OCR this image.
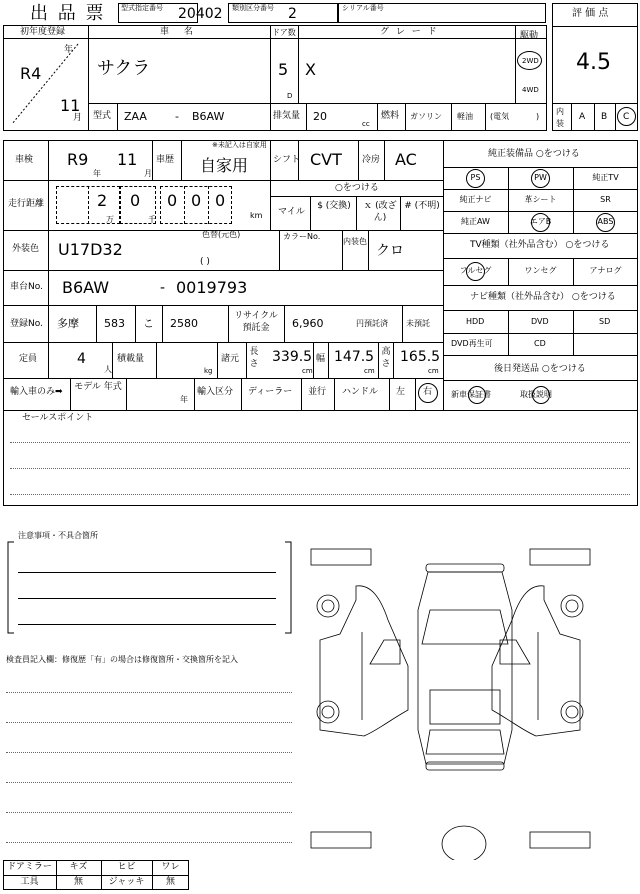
出 品 票 型式指定番号 20402 類別区分番号 2	シリアル番号	評 価 点
4.5
内装
A B C
初年度登録
年
月
R4
11
車 名
サクラ
ドア数
5
D
グ レ ー ド
X
駆動
2WD
4WD
型式 ZAA	- B6AW	排気量 20
cc
燃料 ガソリン 軽油 (電気	)
車検 R9
年
11
月
車歴
※未記入は自家用
自家用	シフト CVT 冷房 AC
走行距離	2 0 0 0 0
万	千	km
○をつける
マイル
$ (交換)	ｘ (改ざん)
# (不明)
外装色 U17D32
色替(元色)
( )
カラーNo.
内装色
クロ
車台No. B6AW	- 0019793
登録No. 多摩 583 こ 2580
リサイクル 預託金	6,960	円預託済 未預託
定員	4
人
積載量
kg
諸元
長さ 339.5
cm
幅 147.5
cm
高さ 165.5
cm
輸入車のみ➡ モデル 年式
年
輸入区分 ディーラー 並行 ハンドル 左 右
純正装備品 ○をつける
PS	PW	純正TV
純正ナビ	革シート	SR
純正AW	エアB	ABS
TV種類（社外品含む） ○をつける
フルセグ	ワンセグ	アナログ
ナビ種類（社外品含む） ○をつける
HDD	DVD	SD
DVD再生可	CD
後日発送品 ○をつける
新車保証書	取扱説明
セールスポイント
注意事項・不具合箇所
検査員記入欄：修復歴「有」の場合は修復箇所・交換箇所を記入
ドアミラー	キズ	ヒビ	ワレ
工具	無	ジャッキ	無
